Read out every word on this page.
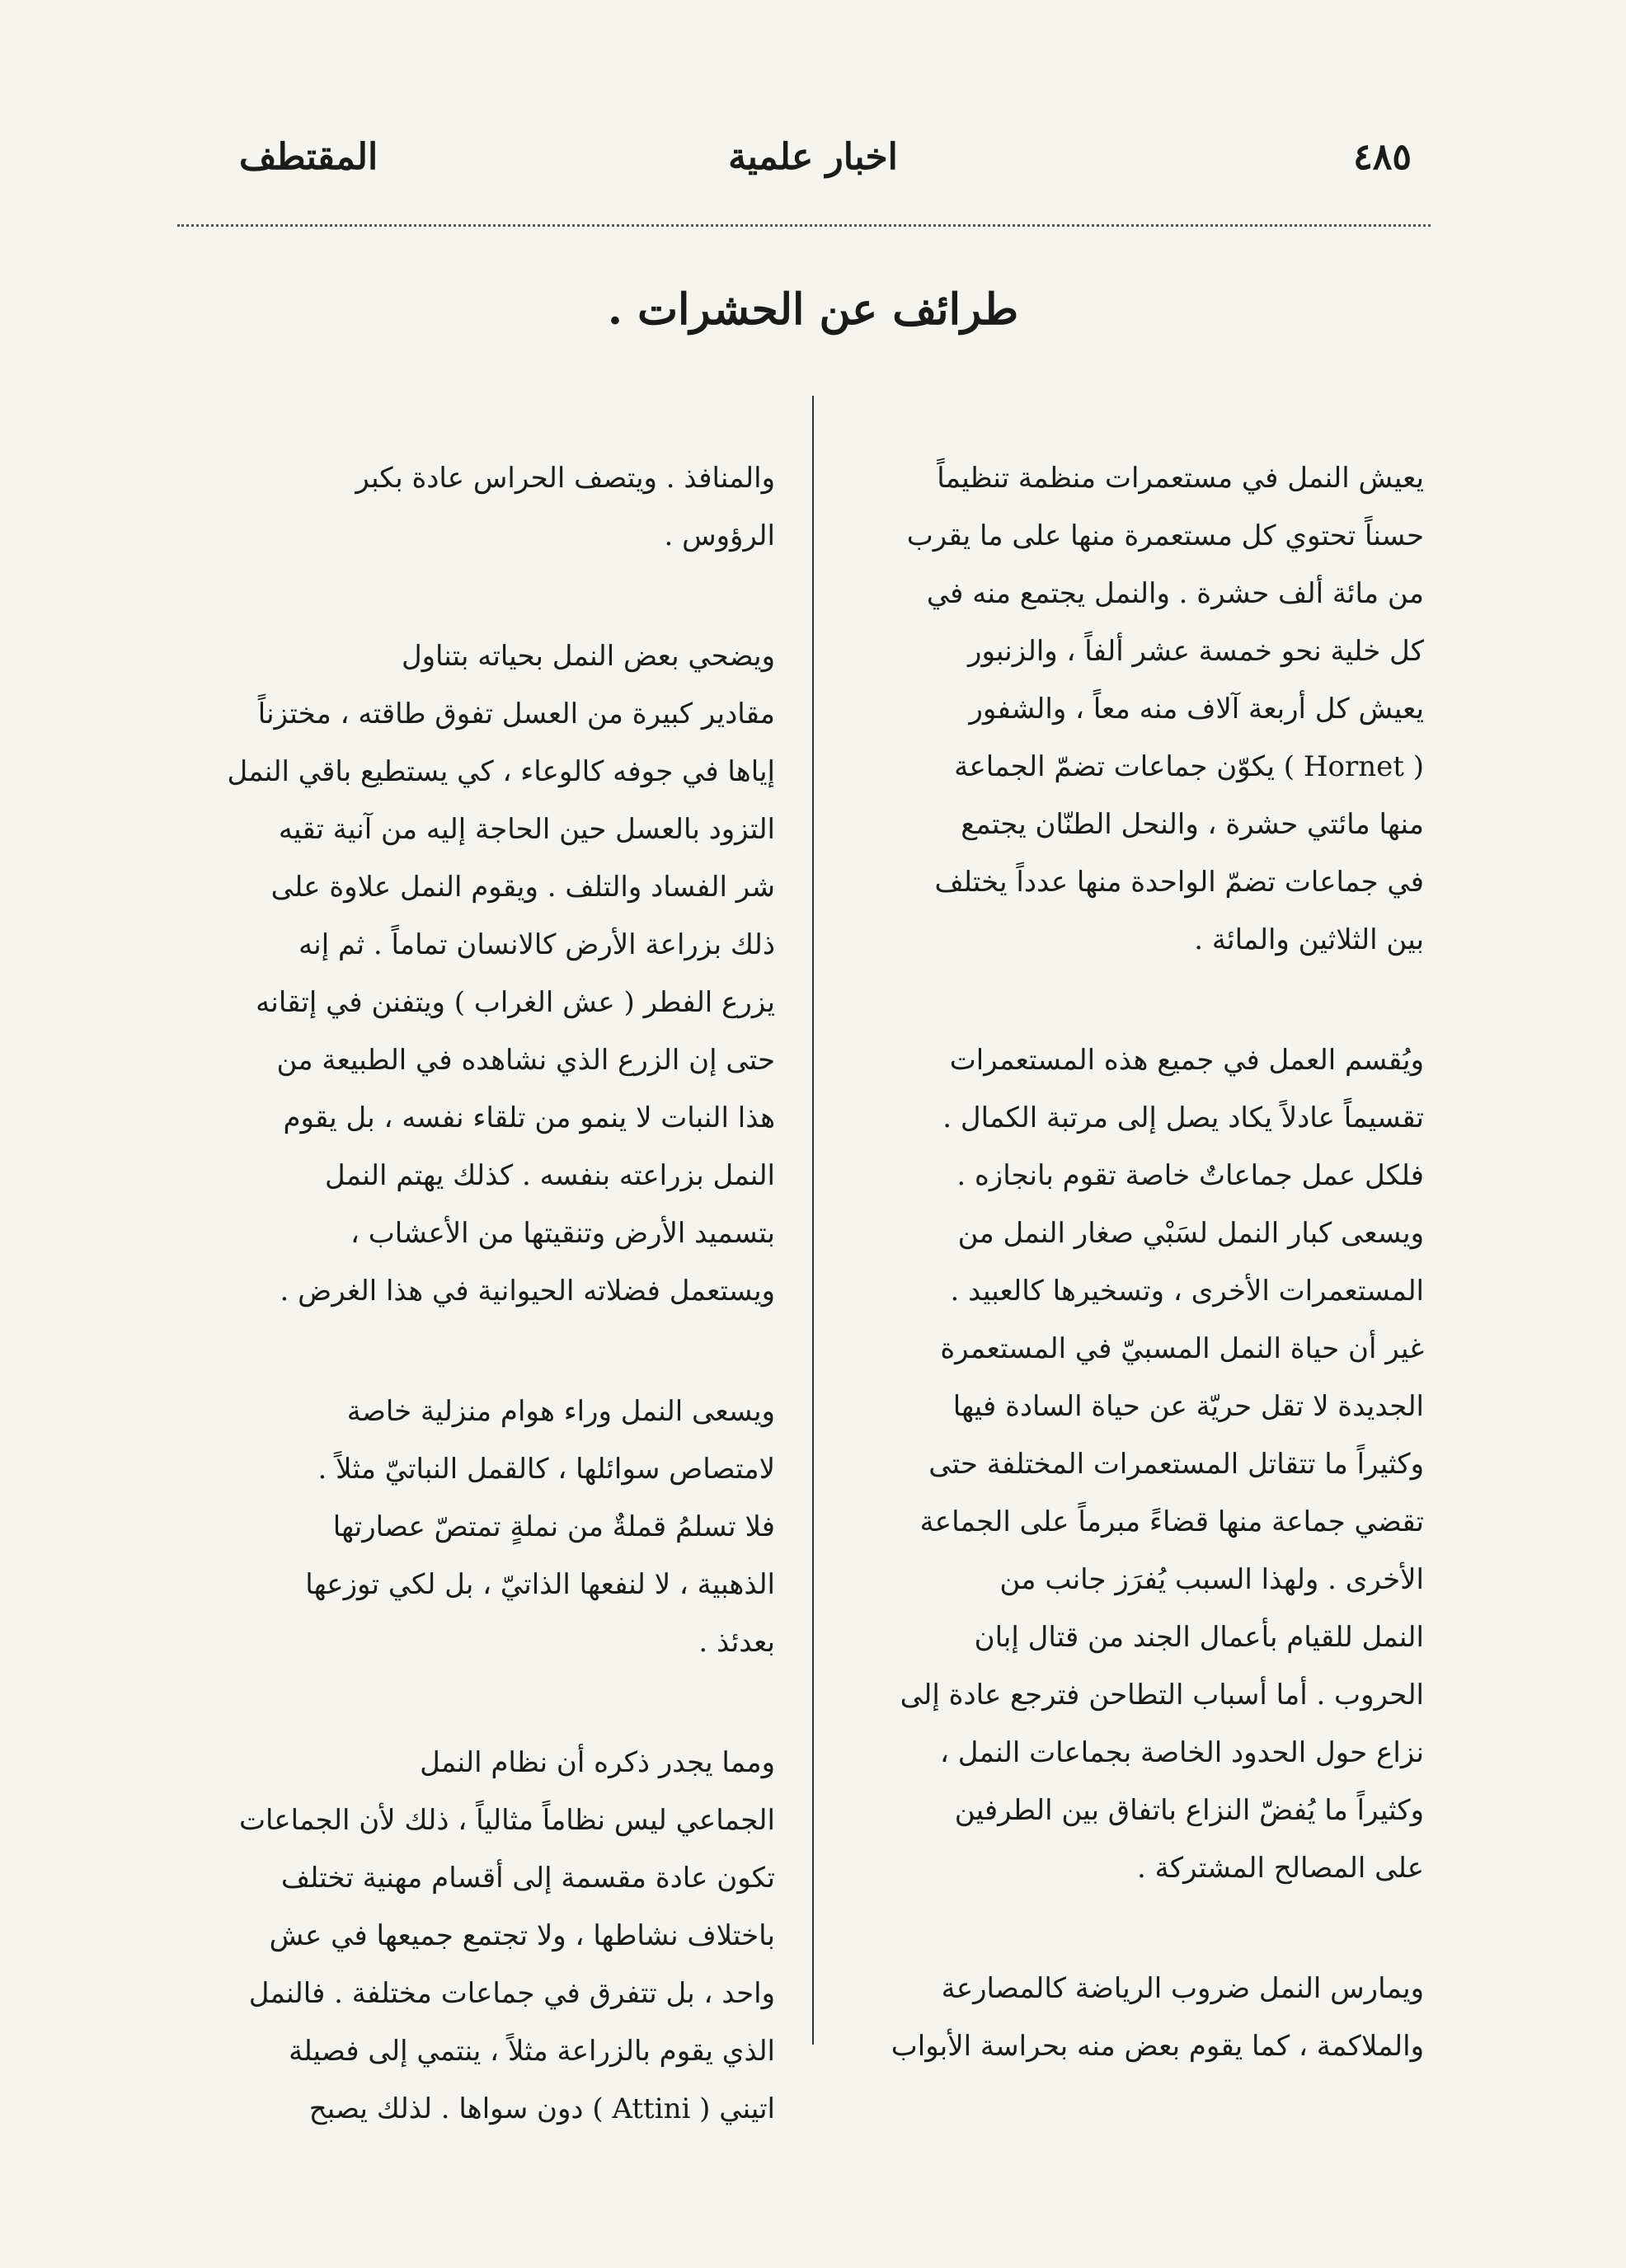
٤٨٥
اخبار علمية
المقتطف
طرائف عن الحشرات .

يعيش النمل في مستعمرات منظمة تنظيماً
حسناً تحتوي كل مستعمرة منها على ما يقرب
من مائة ألف حشرة . والنمل يجتمع منه في
كل خلية نحو خمسة عشر ألفاً ، والزنبور
يعيش كل أربعة آلاف منه معاً ، والشفور
( Hornet ) يكوّن جماعات تضمّ الجماعة
منها مائتي حشرة ، والنحل الطنّان يجتمع
في جماعات تضمّ الواحدة منها عدداً يختلف
بين الثلاثين والمائة .

ويُقسم العمل في جميع هذه المستعمرات
تقسيماً عادلاً يكاد يصل إلى مرتبة الكمال .
فلكل عمل جماعاتٌ خاصة تقوم بانجازه .
ويسعى كبار النمل لسَبْي صغار النمل من
المستعمرات الأخرى ، وتسخيرها كالعبيد .
غير أن حياة النمل المسبيّ في المستعمرة
الجديدة لا تقل حريّة عن حياة السادة فيها
وكثيراً ما تتقاتل المستعمرات المختلفة حتى
تقضي جماعة منها قضاءً مبرماً على الجماعة
الأخرى . ولهذا السبب يُفرَز جانب من
النمل للقيام بأعمال الجند من قتال إبان
الحروب . أما أسباب التطاحن فترجع عادة إلى
نزاع حول الحدود الخاصة بجماعات النمل ،
وكثيراً ما يُفضّ النزاع باتفاق بين الطرفين
على المصالح المشتركة .

ويمارس النمل ضروب الرياضة كالمصارعة
والملاكمة ، كما يقوم بعض منه بحراسة الأبواب

والمنافذ . ويتصف الحراس عادة بكبر
الرؤوس .

ويضحي بعض النمل بحياته بتناول
مقادير كبيرة من العسل تفوق طاقته ، مختزناً
إياها في جوفه كالوعاء ، كي يستطيع باقي النمل
التزود بالعسل حين الحاجة إليه من آنية تقيه
شر الفساد والتلف . ويقوم النمل علاوة على
ذلك بزراعة الأرض كالانسان تماماً . ثم إنه
يزرع الفطر ( عش الغراب ) ويتفنن في إتقانه
حتى إن الزرع الذي نشاهده في الطبيعة من
هذا النبات لا ينمو من تلقاء نفسه ، بل يقوم
النمل بزراعته بنفسه . كذلك يهتم النمل
بتسميد الأرض وتنقيتها من الأعشاب ،
ويستعمل فضلاته الحيوانية في هذا الغرض .

ويسعى النمل وراء هوام منزلية خاصة
لامتصاص سوائلها ، كالقمل النباتيّ مثلاً .
فلا تسلمُ قملةٌ من نملةٍ تمتصّ عصارتها
الذهبية ، لا لنفعها الذاتيّ ، بل لكي توزعها
بعدئذ .

ومما يجدر ذكره أن نظام النمل
الجماعي ليس نظاماً مثالياً ، ذلك لأن الجماعات
تكون عادة مقسمة إلى أقسام مهنية تختلف
باختلاف نشاطها ، ولا تجتمع جميعها في عش
واحد ، بل تتفرق في جماعات مختلفة . فالنمل
الذي يقوم بالزراعة مثلاً ، ينتمي إلى فصيلة
اتيني ( Attini ) دون سواها . لذلك يصبح
